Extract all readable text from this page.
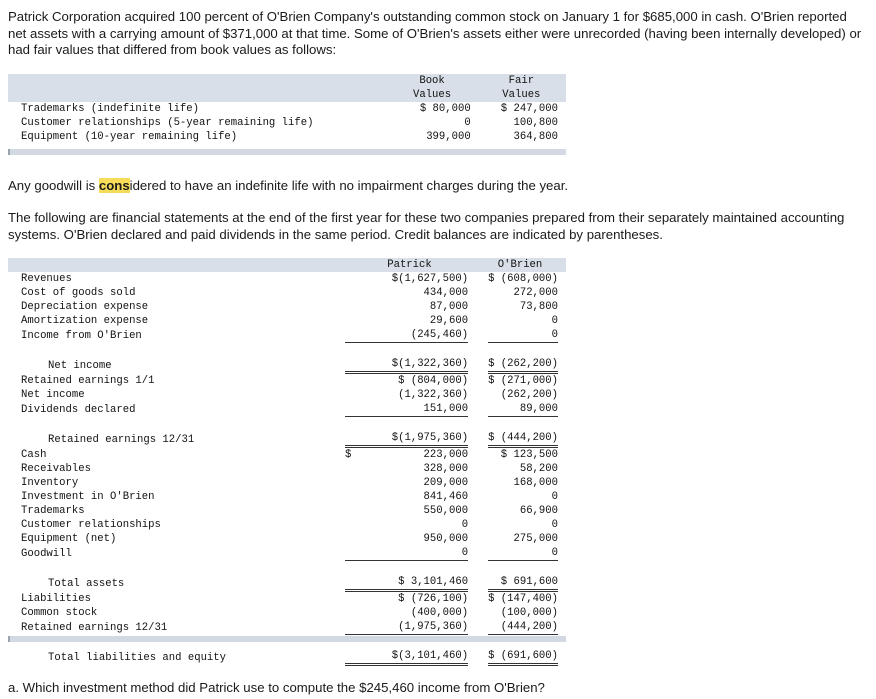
Patrick Corporation acquired 100 percent of O'Brien Company's outstanding common stock on January 1 for $685,000 in cash. O'Brien reported net assets with a carrying amount of $371,000 at that time. Some of O'Brien's assets either were unrecorded (having been internally developed) or had fair values that differed from book values as follows:

	Book	Fair
	Values	Values
Trademarks (indefinite life)	$ 80,000	$ 247,000
Customer relationships (5-year remaining life)	0	100,800
Equipment (10-year remaining life)	399,000	364,800

Any goodwill is considered to have an indefinite life with no impairment charges during the year.

The following are financial statements at the end of the first year for these two companies prepared from their separately maintained accounting systems. O'Brien declared and paid dividends in the same period. Credit balances are indicated by parentheses.

	Patrick	O'Brien
Revenues	$(1,627,500)	$ (608,000)

Cost of goods sold	434,000	272,000

Depreciation expense	87,000	73,800

Amortization expense	29,600	0

Income from O'Brien	(245,460)	0

Net income	$(1,322,360)	$ (262,200)

Retained earnings 1/1	$ (804,000)	$ (271,000)

Net income	(1,322,360)	(262,200)

Dividends declared	151,000	89,000

Retained earnings 12/31	$(1,975,360)	$ (444,200)

Cash	$ 223,000	$ 123,500

Receivables	328,000	58,200

Inventory	209,000	168,000

Investment in O'Brien	841,460	0

Trademarks	550,000	66,900

Customer relationships	0	0

Equipment (net)	950,000	275,000

Goodwill	0	0

Total assets	$ 3,101,460	$ 691,600

Liabilities	$ (726,100)	$ (147,400)

Common stock	(400,000)	(100,000)

Retained earnings 12/31	(1,975,360)	(444,200)

Total liabilities and equity	$(3,101,460)	$ (691,600)

a. Which investment method did Patrick use to compute the $245,460 income from O'Brien?
